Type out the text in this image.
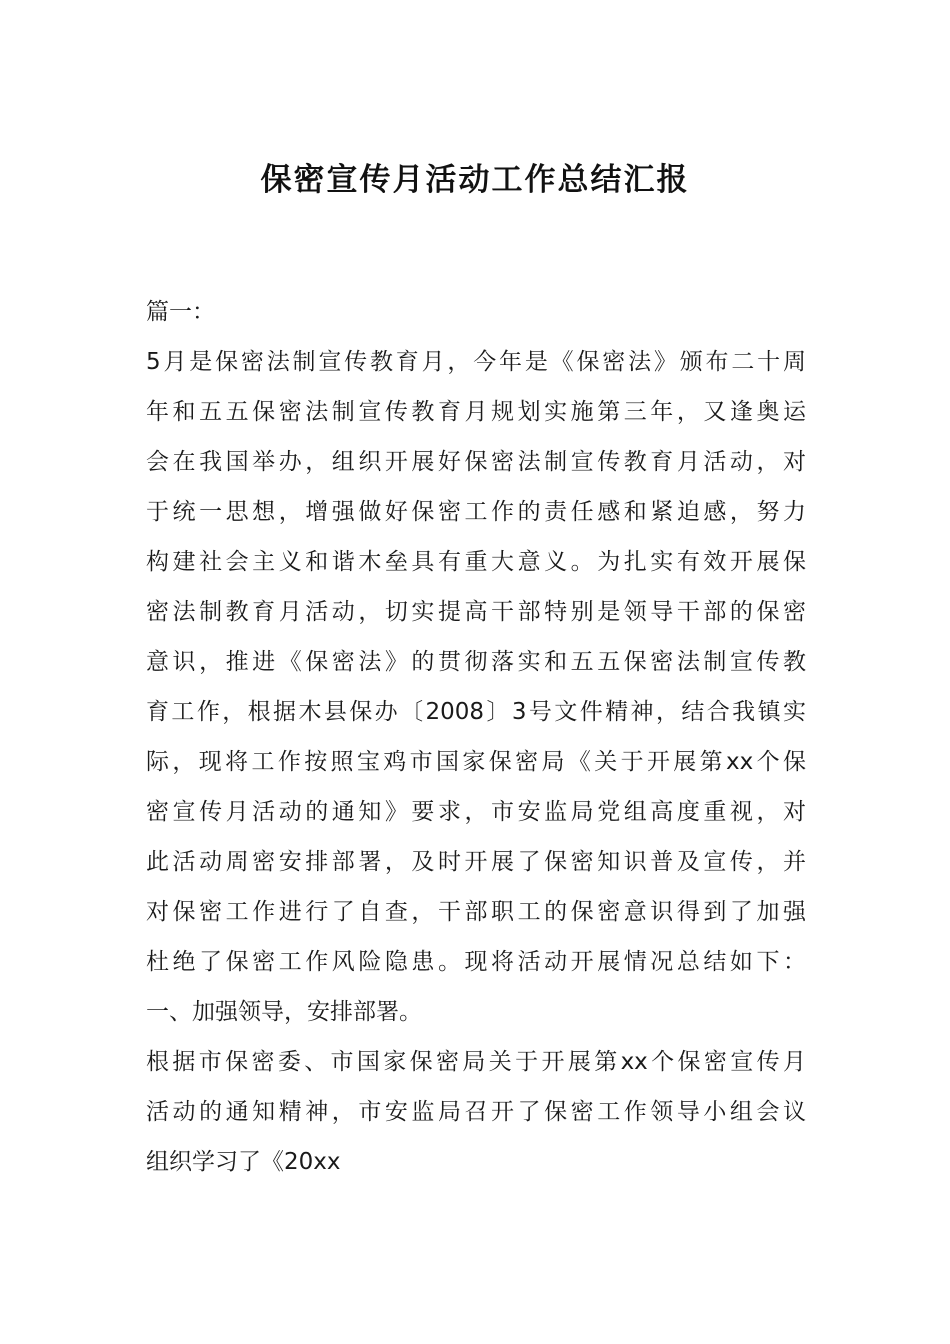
保密宣传月活动工作总结汇报
篇一：
5月是保密法制宣传教育月，今年是《保密法》颁布二十周
年和五五保密法制宣传教育月规划实施第三年，又逢奥运
会在我国举办，组织开展好保密法制宣传教育月活动，对
于统一思想，增强做好保密工作的责任感和紧迫感，努力
构建社会主义和谐木垒具有重大意义。为扎实有效开展保
密法制教育月活动，切实提高干部特别是领导干部的保密
意识，推进《保密法》的贯彻落实和五五保密法制宣传教
育工作，根据木县保办〔2008〕3号文件精神，结合我镇实
际，现将工作按照宝鸡市国家保密局《关于开展第xx个保
密宣传月活动的通知》要求，市安监局党组高度重视，对
此活动周密安排部署，及时开展了保密知识普及宣传，并
对保密工作进行了自查，干部职工的保密意识得到了加强
杜绝了保密工作风险隐患。现将活动开展情况总结如下：
一、加强领导，安排部署。
根据市保密委、市国家保密局关于开展第xx个保密宣传月
活动的通知精神，市安监局召开了保密工作领导小组会议
组织学习了《20xx
